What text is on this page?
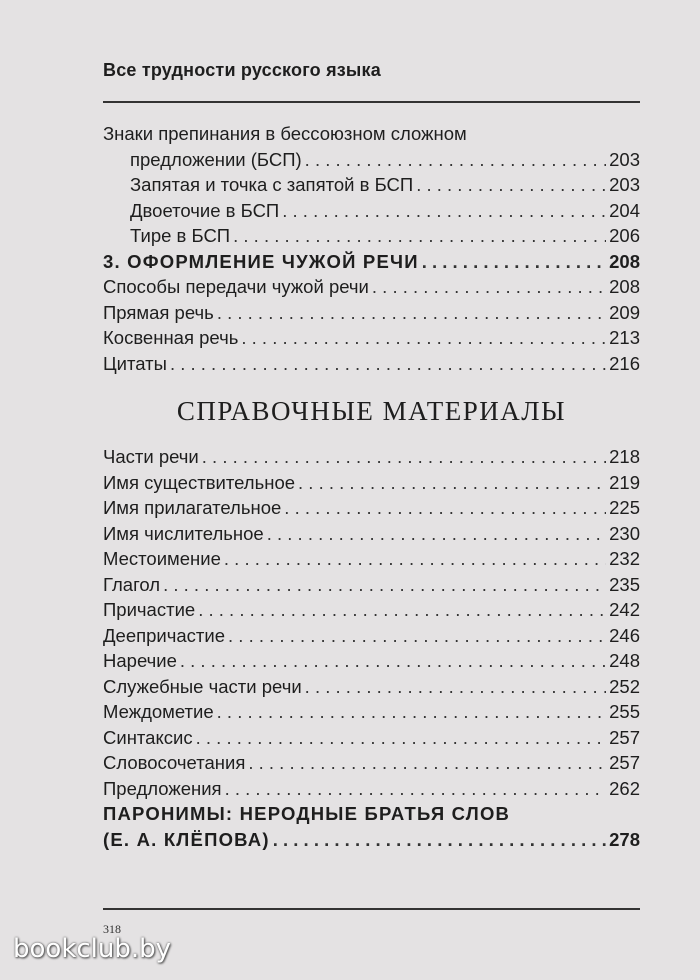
Все трудности русского языка
Знаки препинания в бессоюзном сложном
предложении (БСП) . . .	203
Запятая и точка с запятой в БСП . . .	203
Двоеточие в БСП . . .	204
Тире в БСП . . .	206
3. ОФОРМЛЕНИЕ ЧУЖОЙ РЕЧИ . . .	208
Способы передачи чужой речи . . .	208
Прямая речь . . .	209
Косвенная речь . . .	213
Цитаты . . .	216
СПРАВОЧНЫЕ МАТЕРИАЛЫ
Части речи . . .	218
Имя существительное . . .	219
Имя прилагательное . . .	225
Имя числительное . . .	230
Местоимение . . .	232
Глагол . . .	235
Причастие . . .	242
Деепричастие . . .	246
Наречие . . .	248
Служебные части речи . . .	252
Междометие . . .	255
Синтаксис . . .	257
Словосочетания . . .	257
Предложения . . .	262
ПАРОНИМЫ: НЕРОДНЫЕ БРАТЬЯ СЛОВ
(Е. А. КЛЁПОВА) . . .	278
318
bookclub.by
